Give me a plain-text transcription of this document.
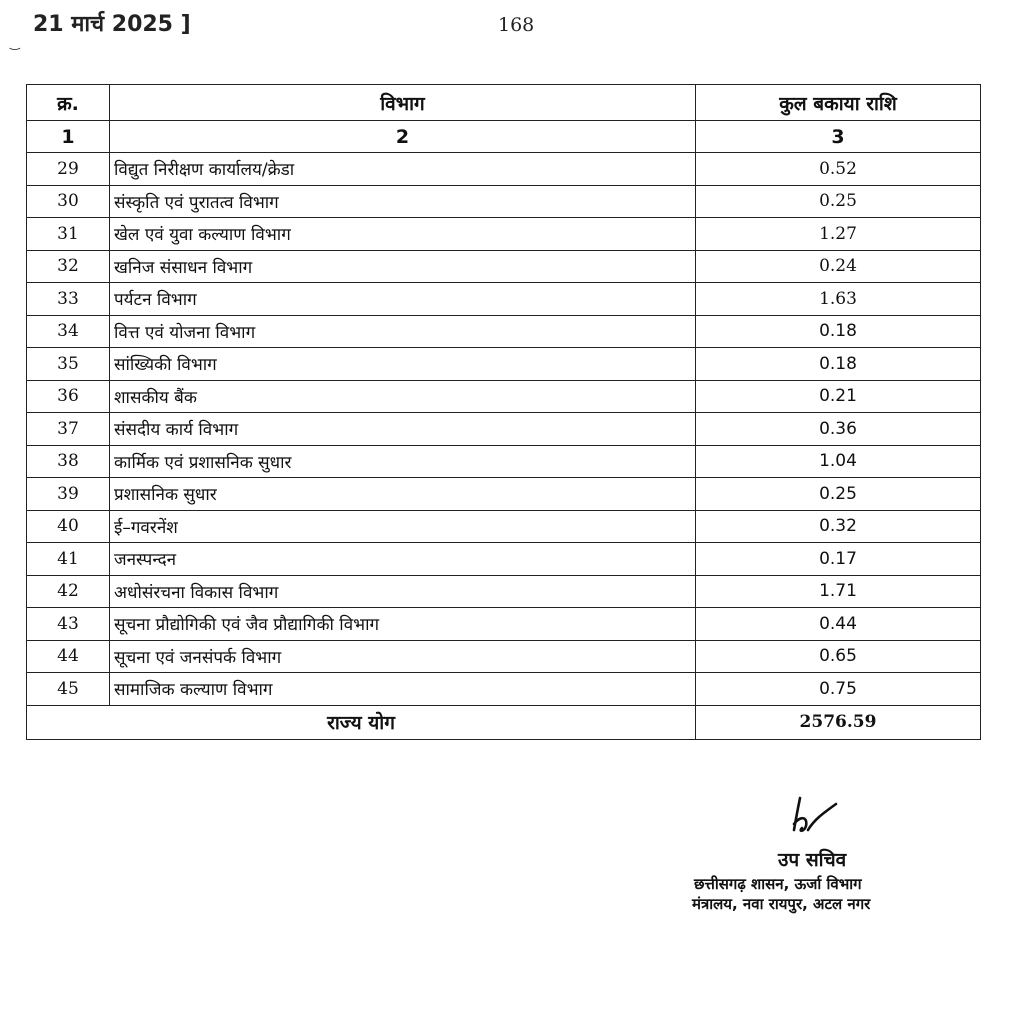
21 मार्च 2025 ]	168
‿
क्र.	विभाग	कुल बकाया राशि
1	2	3
29	विद्युत निरीक्षण कार्यालय/क्रेडा	0.52
30	संस्कृति एवं पुरातत्व विभाग	0.25
31	खेल एवं युवा कल्याण विभाग	1.27
32	खनिज संसाधन विभाग	0.24
33	पर्यटन विभाग	1.63
34	वित्त एवं योजना विभाग	0.18
35	सांख्यिकी विभाग	0.18
36	शासकीय बैंक	0.21
37	संसदीय कार्य विभाग	0.36
38	कार्मिक एवं प्रशासनिक सुधार	1.04
39	प्रशासनिक सुधार	0.25
40	ई–गवरनेंश	0.32
41	जनस्पन्दन	0.17
42	अधोसंरचना विकास विभाग	1.71
43	सूचना प्रौद्योगिकी एवं जैव प्रौद्यागिकी विभाग	0.44
44	सूचना एवं जनसंपर्क विभाग	0.65
45	सामाजिक कल्याण विभाग	0.75
राज्य योग		2576.59
उप सचिव
छत्तीसगढ़ शासन, ऊर्जा विभाग
मंत्रालय, नवा रायपुर, अटल नगर
